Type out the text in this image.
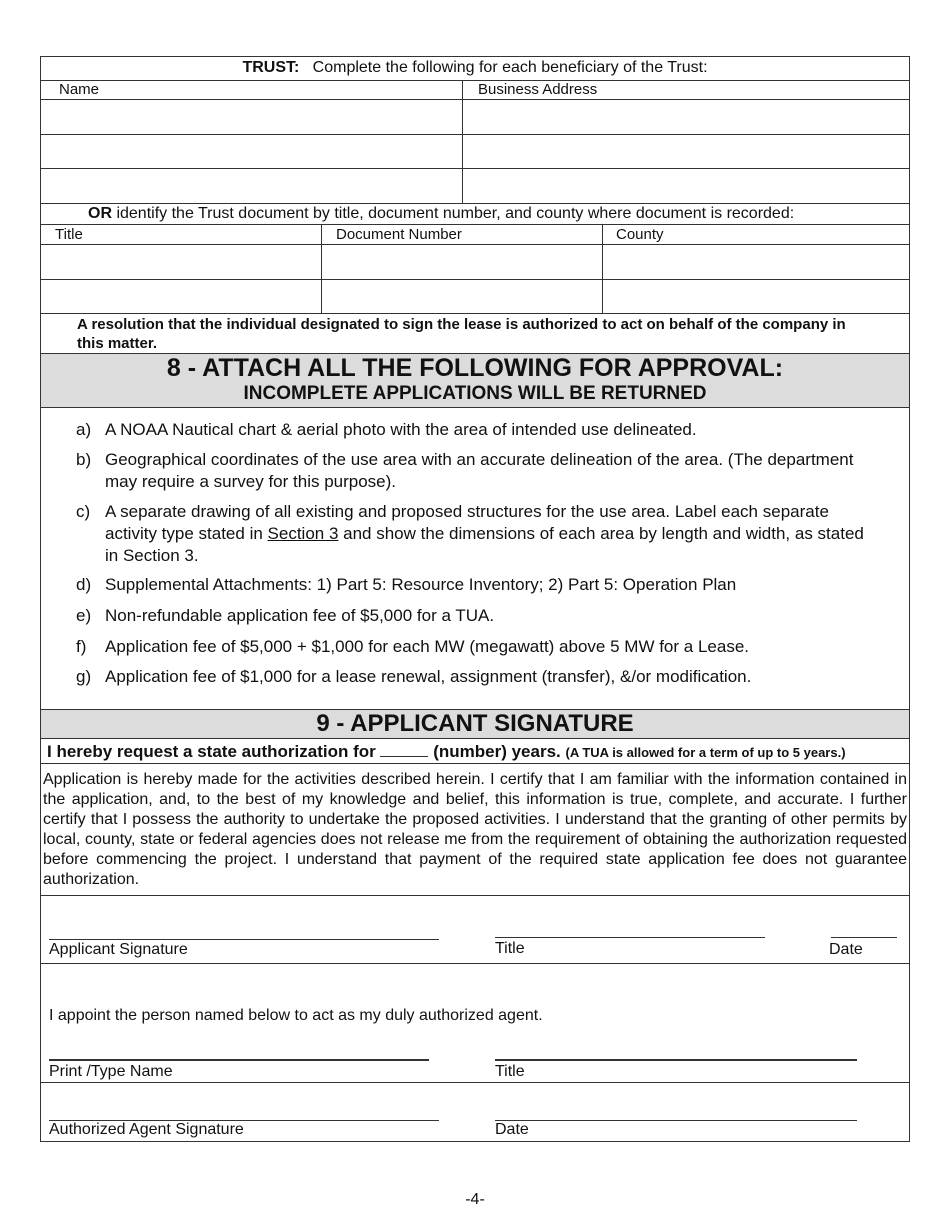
TRUST: Complete the following for each beneficiary of the Trust:
Name	Business Address
OR identify the Trust document by title, document number, and county where document is recorded:
Title	Document Number	County
A resolution that the individual designated to sign the lease is authorized to act on behalf of the company in this matter.
8 - ATTACH ALL THE FOLLOWING FOR APPROVAL:
INCOMPLETE APPLICATIONS WILL BE RETURNED
a) A NOAA Nautical chart & aerial photo with the area of intended use delineated.
b) Geographical coordinates of the use area with an accurate delineation of the area. (The department may require a survey for this purpose).
c) A separate drawing of all existing and proposed structures for the use area. Label each separate activity type stated in Section 3 and show the dimensions of each area by length and width, as stated in Section 3.
d) Supplemental Attachments: 1) Part 5: Resource Inventory; 2) Part 5: Operation Plan
e) Non-refundable application fee of $5,000 for a TUA.
f)	Application fee of $5,000 + $1,000 for each MW (megawatt) above 5 MW for a Lease.
g) Application fee of $1,000 for a lease renewal, assignment (transfer), &/or modification.
9 - APPLICANT SIGNATURE
I hereby request a state authorization for	(number) years. (A TUA is allowed for a term of up to 5 years.)
Application is hereby made for the activities described herein. I certify that I am familiar with the information contained in the application, and, to the best of my knowledge and belief, this information is true, complete, and accurate. I further certify that I possess the authority to undertake the proposed activities. I understand that the granting of other permits by local, county, state or federal agencies does not release me from the requirement of obtaining the authorization requested before commencing the project. I understand that payment of the required state application fee does not guarantee authorization.
Applicant Signature	Title	Date
I appoint the person named below to act as my duly authorized agent.
Print /Type Name	Title
Authorized Agent Signature	Date
-4-
